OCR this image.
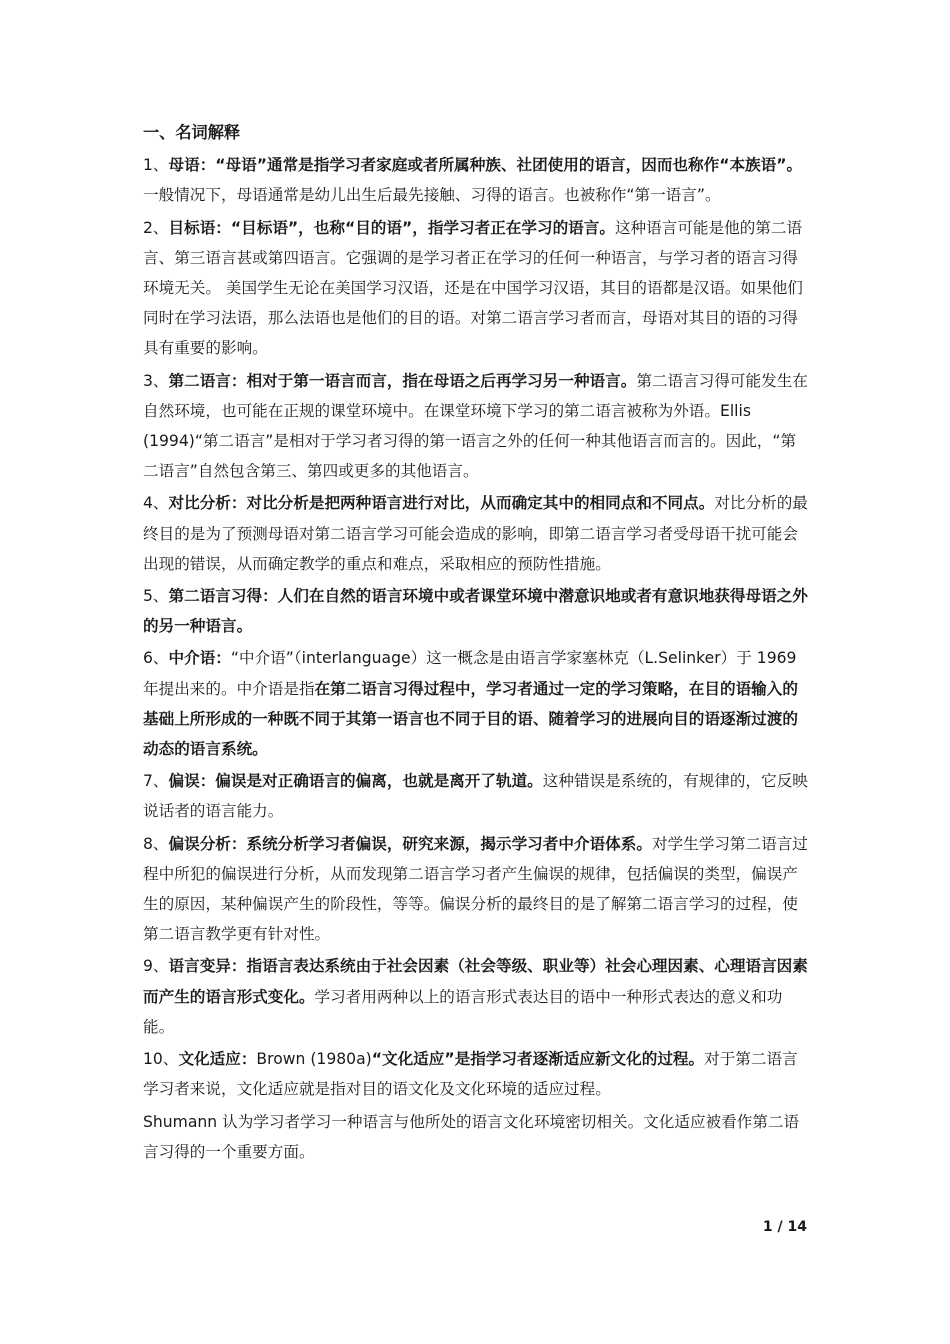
一、名词解释
1、母语：“母语”通常是指学习者家庭或者所属种族、社团使用的语言，因而也称作“本族语”。一般情况下，母语通常是幼儿出生后最先接触、习得的语言。也被称作“第一语言”。
2、目标语：“目标语”，也称“目的语”，指学习者正在学习的语言。这种语言可能是他的第二语言、第三语言甚或第四语言。它强调的是学习者正在学习的任何一种语言，与学习者的语言习得环境无关。 美国学生无论在美国学习汉语，还是在中国学习汉语，其目的语都是汉语。如果他们同时在学习法语，那么法语也是他们的目的语。对第二语言学习者而言，母语对其目的语的习得具有重要的影响。
3、第二语言：相对于第一语言而言，指在母语之后再学习另一种语言。第二语言习得可能发生在自然环境，也可能在正规的课堂环境中。在课堂环境下学习的第二语言被称为外语。Ellis (1994)“第二语言”是相对于学习者习得的第一语言之外的任何一种其他语言而言的。因此，“第二语言”自然包含第三、第四或更多的其他语言。
4、对比分析：对比分析是把两种语言进行对比，从而确定其中的相同点和不同点。对比分析的最终目的是为了预测母语对第二语言学习可能会造成的影响，即第二语言学习者受母语干扰可能会出现的错误，从而确定教学的重点和难点，采取相应的预防性措施。
5、第二语言习得：人们在自然的语言环境中或者课堂环境中潜意识地或者有意识地获得母语之外的另一种语言。
6、中介语：“中介语”（interlanguage）这一概念是由语言学家塞林克（L.Selinker）于 1969 年提出来的。中介语是指在第二语言习得过程中，学习者通过一定的学习策略，在目的语输入的基础上所形成的一种既不同于其第一语言也不同于目的语、随着学习的进展向目的语逐渐过渡的动态的语言系统。
7、偏误：偏误是对正确语言的偏离，也就是离开了轨道。这种错误是系统的，有规律的，它反映说话者的语言能力。
8、偏误分析：系统分析学习者偏误，研究来源，揭示学习者中介语体系。对学生学习第二语言过程中所犯的偏误进行分析，从而发现第二语言学习者产生偏误的规律，包括偏误的类型，偏误产生的原因，某种偏误产生的阶段性，等等。偏误分析的最终目的是了解第二语言学习的过程，使第二语言教学更有针对性。
9、语言变异：指语言表达系统由于社会因素（社会等级、职业等）社会心理因素、心理语言因素而产生的语言形式变化。学习者用两种以上的语言形式表达目的语中一种形式表达的意义和功能。
10、文化适应：Brown (1980a)“文化适应”是指学习者逐渐适应新文化的过程。对于第二语言学习者来说，文化适应就是指对目的语文化及文化环境的适应过程。
Shumann 认为学习者学习一种语言与他所处的语言文化环境密切相关。文化适应被看作第二语言习得的一个重要方面。
1 / 14
